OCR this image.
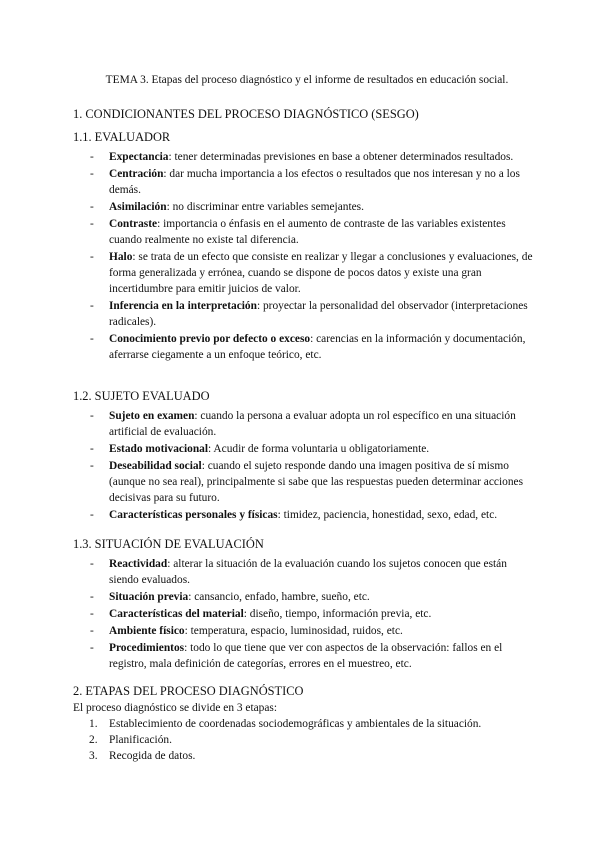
TEMA 3. Etapas del proceso diagnóstico y el informe de resultados en educación social.

1. CONDICIONANTES DEL PROCESO DIAGNÓSTICO (SESGO)
1.1. EVALUADOR
- Expectancia: tener determinadas previsiones en base a obtener determinados resultados.
- Centración: dar mucha importancia a los efectos o resultados que nos interesan y no a los demás.
- Asimilación: no discriminar entre variables semejantes.
- Contraste: importancia o énfasis en el aumento de contraste de las variables existentes cuando realmente no existe tal diferencia.
- Halo: se trata de un efecto que consiste en realizar y llegar a conclusiones y evaluaciones, de forma generalizada y errónea, cuando se dispone de pocos datos y existe una gran incertidumbre para emitir juicios de valor.
- Inferencia en la interpretación: proyectar la personalidad del observador (interpretaciones radicales).
- Conocimiento previo por defecto o exceso: carencias en la información y documentación, aferrarse ciegamente a un enfoque teórico, etc.
1.2. SUJETO EVALUADO
- Sujeto en examen: cuando la persona a evaluar adopta un rol específico en una situación artificial de evaluación.
- Estado motivacional: Acudir de forma voluntaria u obligatoriamente.
- Deseabilidad social: cuando el sujeto responde dando una imagen positiva de sí mismo (aunque no sea real), principalmente si sabe que las respuestas pueden determinar acciones decisivas para su futuro.
- Características personales y físicas: timidez, paciencia, honestidad, sexo, edad, etc.
1.3. SITUACIÓN DE EVALUACIÓN
- Reactividad: alterar la situación de la evaluación cuando los sujetos conocen que están siendo evaluados.
- Situación previa: cansancio, enfado, hambre, sueño, etc.
- Características del material: diseño, tiempo, información previa, etc.
- Ambiente físico: temperatura, espacio, luminosidad, ruidos, etc.
- Procedimientos: todo lo que tiene que ver con aspectos de la observación: fallos en el registro, mala definición de categorías, errores en el muestreo, etc.
2. ETAPAS DEL PROCESO DIAGNÓSTICO

El proceso diagnóstico se divide en 3 etapas:

1. Establecimiento de coordenadas sociodemográficas y ambientales de la situación.
2. Planificación.
3. Recogida de datos.
